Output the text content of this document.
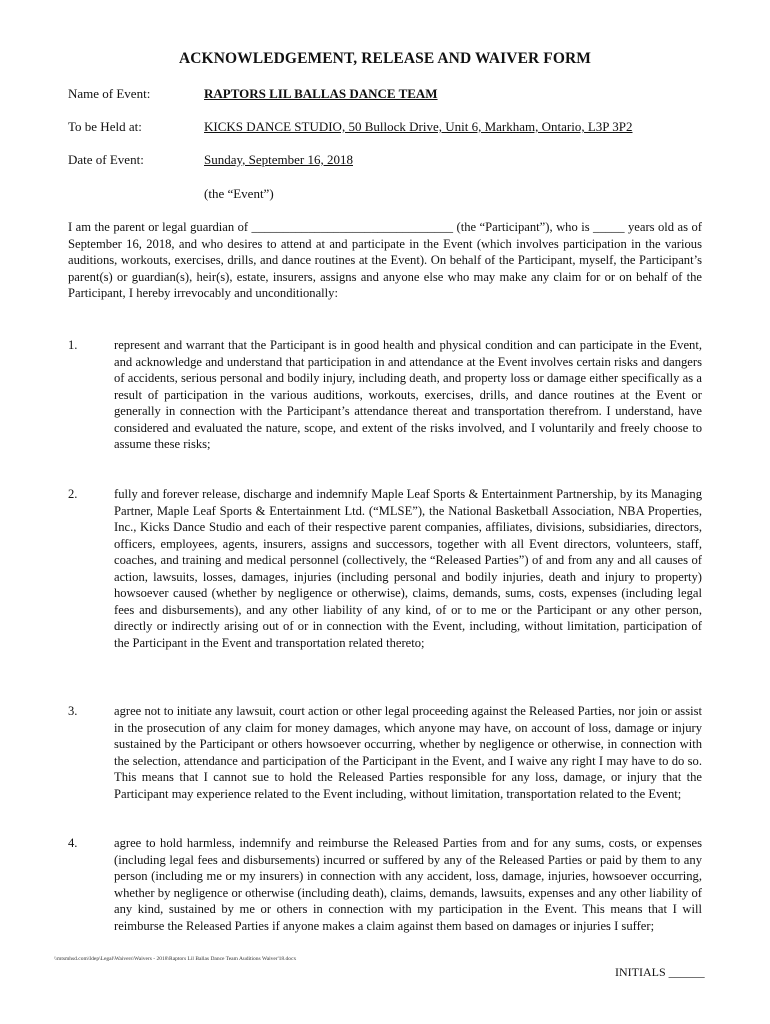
ACKNOWLEDGEMENT, RELEASE AND WAIVER FORM
Name of Event:	RAPTORS LIL BALLAS DANCE TEAM
To be Held at:	KICKS DANCE STUDIO, 50 Bullock Drive, Unit 6, Markham, Ontario, L3P 3P2
Date of Event:	Sunday, September 16, 2018
(the “Event”)

I am the parent or legal guardian of ________________________________ (the “Participant”), who is _____ years old as of September 16, 2018, and who desires to attend at and participate in the Event (which involves participation in the various auditions, workouts, exercises, drills, and dance routines at the Event). On behalf of the Participant, myself, the Participant’s parent(s) or guardian(s), heir(s), estate, insurers, assigns and anyone else who may make any claim for or on behalf of the Participant, I hereby irrevocably and unconditionally:

1.	represent and warrant that the Participant is in good health and physical condition and can participate in the Event, and acknowledge and understand that participation in and attendance at the Event involves certain risks and dangers of accidents, serious personal and bodily injury, including death, and property loss or damage either specifically as a result of participation in the various auditions, workouts, exercises, drills, and dance routines at the Event or generally in connection with the Participant’s attendance thereat and transportation therefrom. I understand, have considered and evaluated the nature, scope, and extent of the risks involved, and I voluntarily and freely choose to assume these risks;

2.	fully and forever release, discharge and indemnify Maple Leaf Sports & Entertainment Partnership, by its Managing Partner, Maple Leaf Sports & Entertainment Ltd. (“MLSE”), the National Basketball Association, NBA Properties, Inc., Kicks Dance Studio and each of their respective parent companies, affiliates, divisions, subsidiaries, directors, officers, employees, agents, insurers, assigns and successors, together with all Event directors, volunteers, staff, coaches, and training and medical personnel (collectively, the “Released Parties”) of and from any and all causes of action, lawsuits, losses, damages, injuries (including personal and bodily injuries, death and injury to property) howsoever caused (whether by negligence or otherwise), claims, demands, sums, costs, expenses (including legal fees and disbursements), and any other liability of any kind, of or to me or the Participant or any other person, directly or indirectly arising out of or in connection with the Event, including, without limitation, participation of the Participant in the Event and transportation related thereto;

3.	agree not to initiate any lawsuit, court action or other legal proceeding against the Released Parties, nor join or assist in the prosecution of any claim for money damages, which anyone may have, on account of loss, damage or injury sustained by the Participant or others howsoever occurring, whether by negligence or otherwise, in connection with the selection, attendance and participation of the Participant in the Event, and I waive any right I may have to do so. This means that I cannot sue to hold the Released Parties responsible for any loss, damage, or injury that the Participant may experience related to the Event including, without limitation, transportation related to the Event;

4.	agree to hold harmless, indemnify and reimburse the Released Parties from and for any sums, costs, or expenses (including legal fees and disbursements) incurred or suffered by any of the Released Parties or paid by them to any person (including me or my insurers) in connection with any accident, loss, damage, injuries, howsoever occurring, whether by negligence or otherwise (including death), claims, demands, lawsuits, expenses and any other liability of any kind, sustained by me or others in connection with my participation in the Event. This means that I will reimburse the Released Parties if anyone makes a claim against them based on damages or injuries I suffer;

\\mtsmhsd.com\Idep\Legal\Waivers\Waivers - 2018\Raptors Lil Ballas Dance Team Auditions Waiver'18.docx
INITIALS ______
